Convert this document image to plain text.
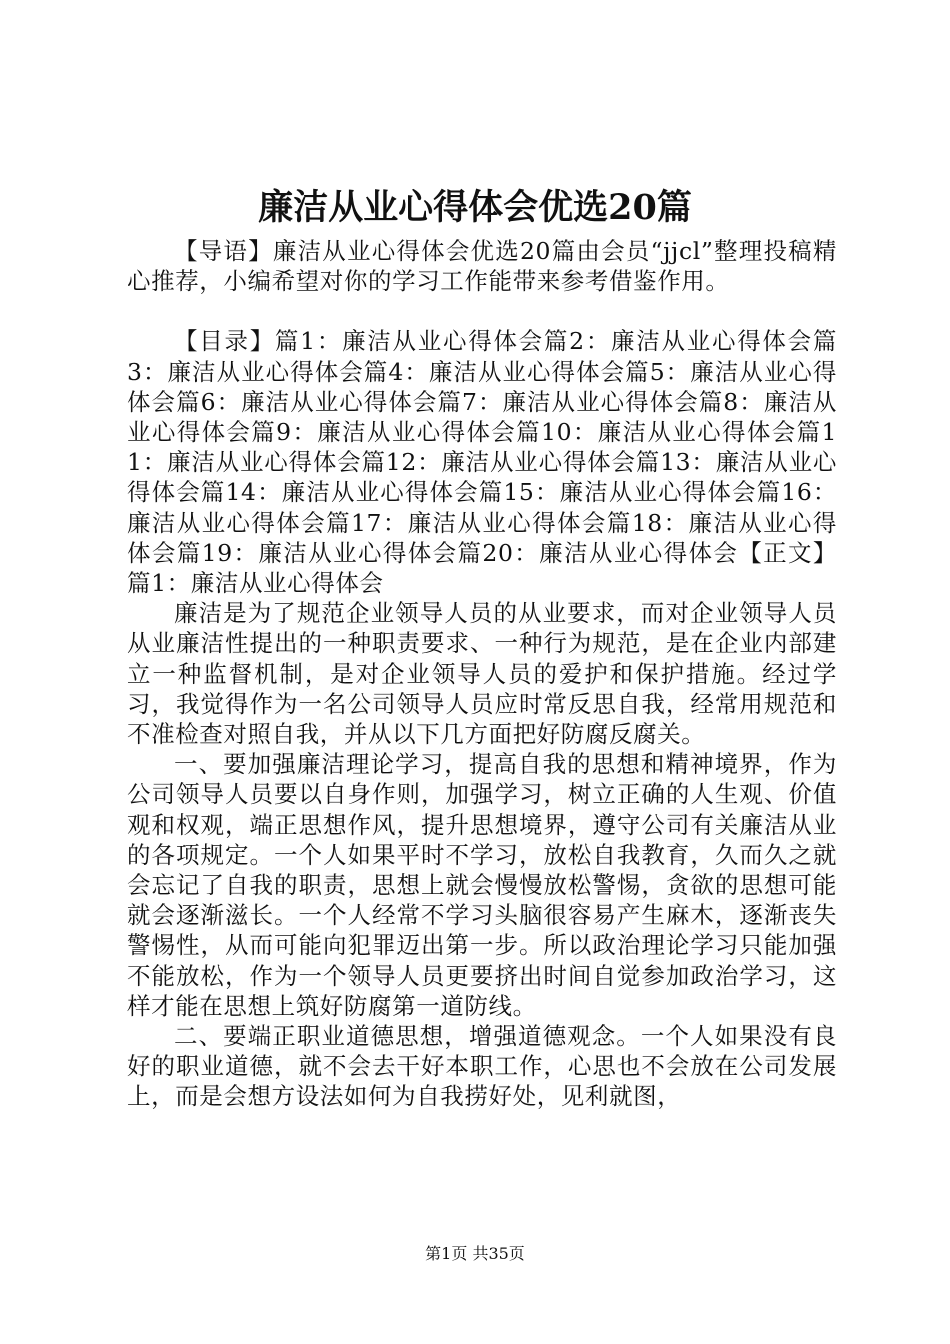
廉洁从业心得体会优选20篇

【导语】廉洁从业心得体会优选20篇由会员“jjcl”整理投稿精心推荐，小编希望对你的学习工作能带来参考借鉴作用。

【目录】篇1：廉洁从业心得体会篇2：廉洁从业心得体会篇3：廉洁从业心得体会篇4：廉洁从业心得体会篇5：廉洁从业心得体会篇6：廉洁从业心得体会篇7：廉洁从业心得体会篇8：廉洁从业心得体会篇9：廉洁从业心得体会篇10：廉洁从业心得体会篇11：廉洁从业心得体会篇12：廉洁从业心得体会篇13：廉洁从业心得体会篇14：廉洁从业心得体会篇15：廉洁从业心得体会篇16：廉洁从业心得体会篇17：廉洁从业心得体会篇18：廉洁从业心得体会篇19：廉洁从业心得体会篇20：廉洁从业心得体会【正文】篇1：廉洁从业心得体会

廉洁是为了规范企业领导人员的从业要求，而对企业领导人员从业廉洁性提出的一种职责要求、一种行为规范，是在企业内部建立一种监督机制，是对企业领导人员的爱护和保护措施。经过学习，我觉得作为一名公司领导人员应时常反思自我，经常用规范和不准检查对照自我，并从以下几方面把好防腐反腐关。

一、要加强廉洁理论学习，提高自我的思想和精神境界，作为公司领导人员要以自身作则，加强学习，树立正确的人生观、价值观和权观，端正思想作风，提升思想境界，遵守公司有关廉洁从业的各项规定。一个人如果平时不学习，放松自我教育，久而久之就会忘记了自我的职责，思想上就会慢慢放松警惕，贪欲的思想可能就会逐渐滋长。一个人经常不学习头脑很容易产生麻木，逐渐丧失警惕性，从而可能向犯罪迈出第一步。所以政治理论学习只能加强不能放松，作为一个领导人员更要挤出时间自觉参加政治学习，这样才能在思想上筑好防腐第一道防线。

二、要端正职业道德思想，增强道德观念。一个人如果没有良好的职业道德，就不会去干好本职工作，心思也不会放在公司发展上，而是会想方设法如何为自我捞好处，见利就图，

第1页 共35页
